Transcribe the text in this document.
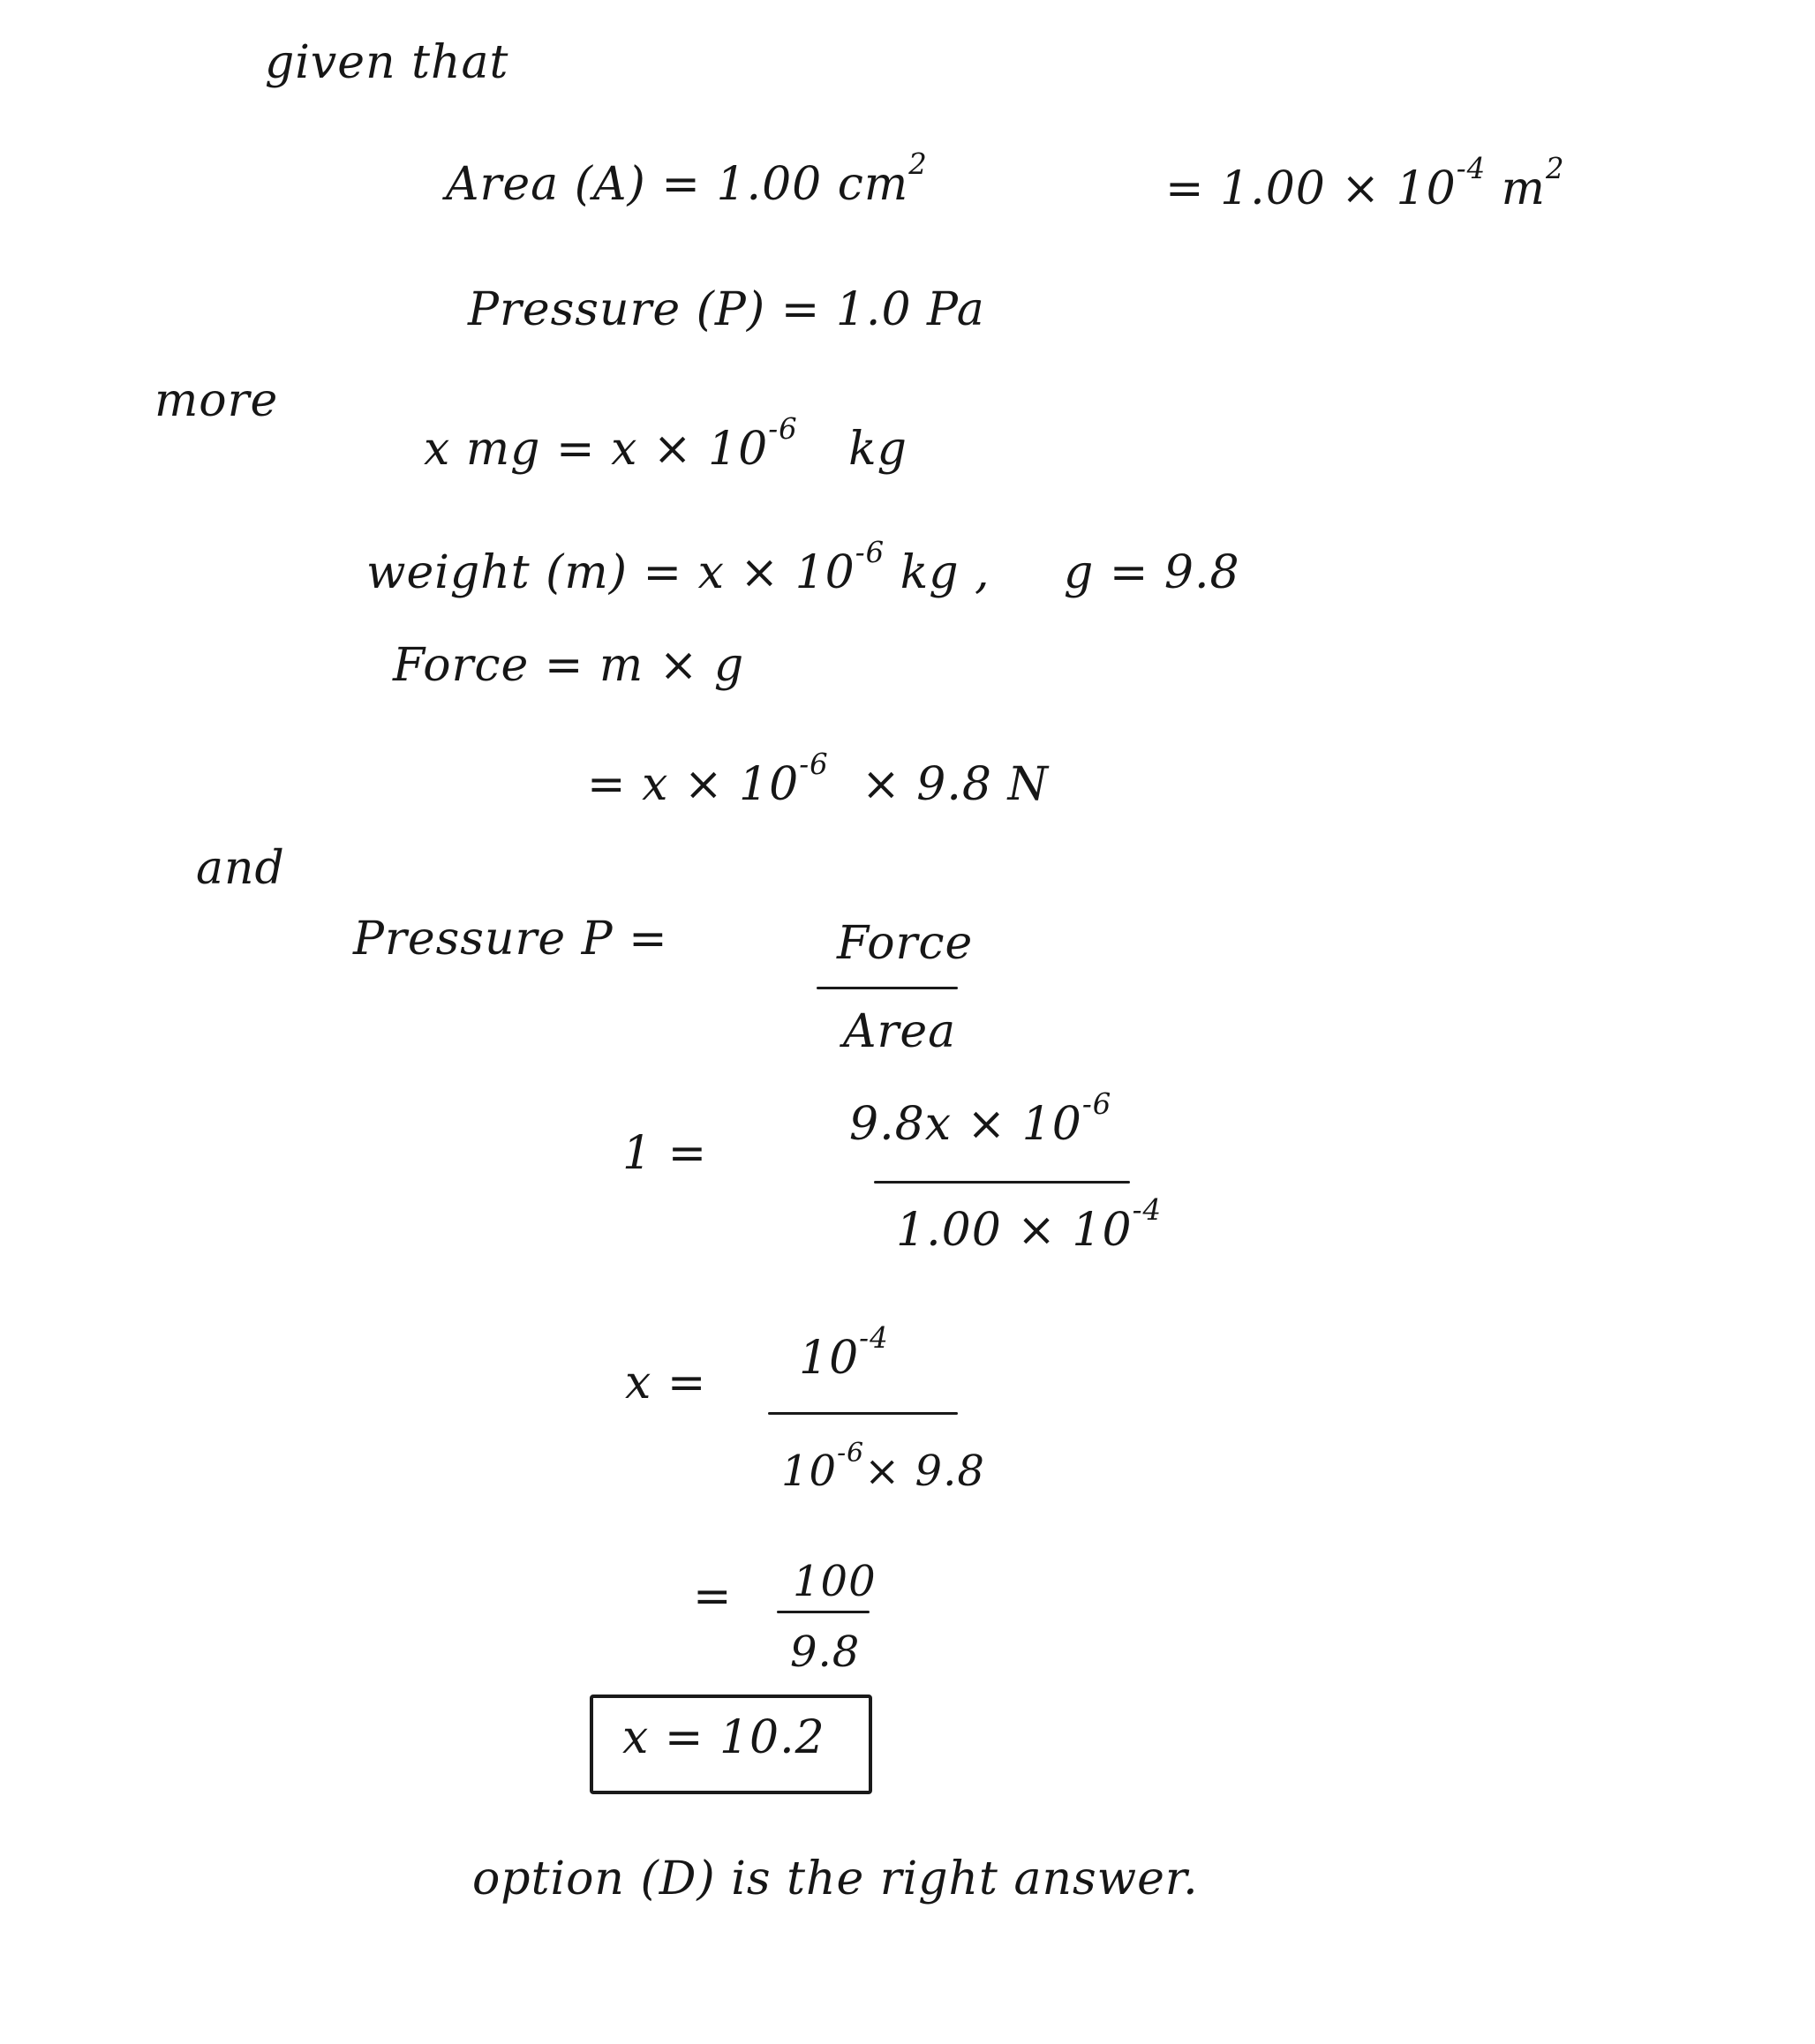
given that
Area (A) = 1.00 $cm^2$	= $1.00 \times 10^{-4}$ $m^2$
Pressure (P) = 1.0 Pa
more
x mg = $x \times 10^{-6}$ kg
weight $(m) = x \times 10^{-6}$ kg , g = 9.8
Force = m × g
= $x \times 10^{-6} \times 9.8$ N
and
Pressure P =	Force
Area
1 =
$9.8x \times 10^{-6}$
$1.00 \times 10^{-4}$
$x = 10^{-4}$
$10^{-6}\times 9.8$
= 100
9.8
x = 10.2
option (D) is the right answer.
